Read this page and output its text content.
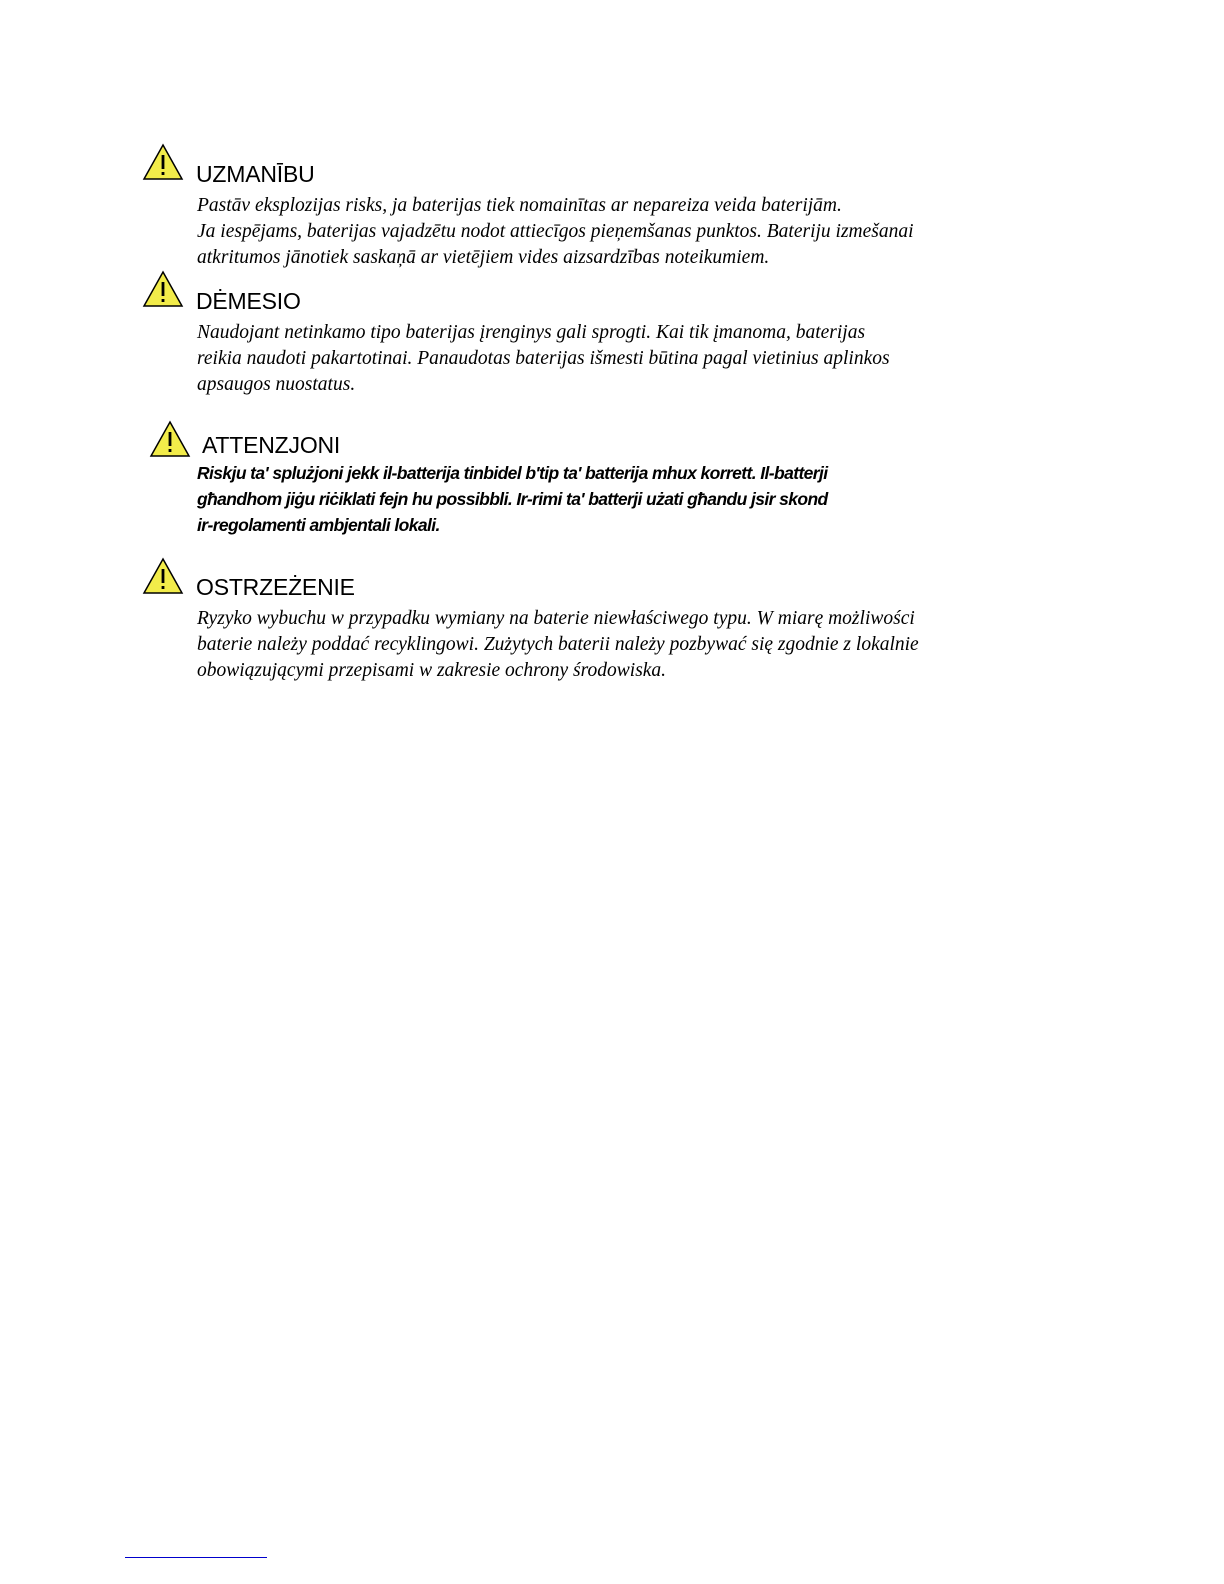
UZMANĪBU
Pastāv eksplozijas risks, ja baterijas tiek nomainītas ar nepareiza veida baterijām.
Ja iespējams, baterijas vajadzētu nodot attiecīgos pieņemšanas punktos. Bateriju izmešanai
atkritumos jānotiek saskaņā ar vietējiem vides aizsardzības noteikumiem.
DĖMESIO
Naudojant netinkamo tipo baterijas įrenginys gali sprogti. Kai tik įmanoma, baterijas
reikia naudoti pakartotinai. Panaudotas baterijas išmesti būtina pagal vietinius aplinkos
apsaugos nuostatus.
ATTENZJONI
Riskju ta' splużjoni jekk il-batterija tinbidel b'tip ta' batterija mhux korrett. Il-batterji
għandhom jiġu riċiklati fejn hu possibbli. Ir-rimi ta' batterji użati għandu jsir skond
ir-regolamenti ambjentali lokali.
OSTRZEŻENIE
Ryzyko wybuchu w przypadku wymiany na baterie niewłaściwego typu. W miarę możliwości
baterie należy poddać recyklingowi. Zużytych baterii należy pozbywać się zgodnie z lokalnie
obowiązującymi przepisami w zakresie ochrony środowiska.
